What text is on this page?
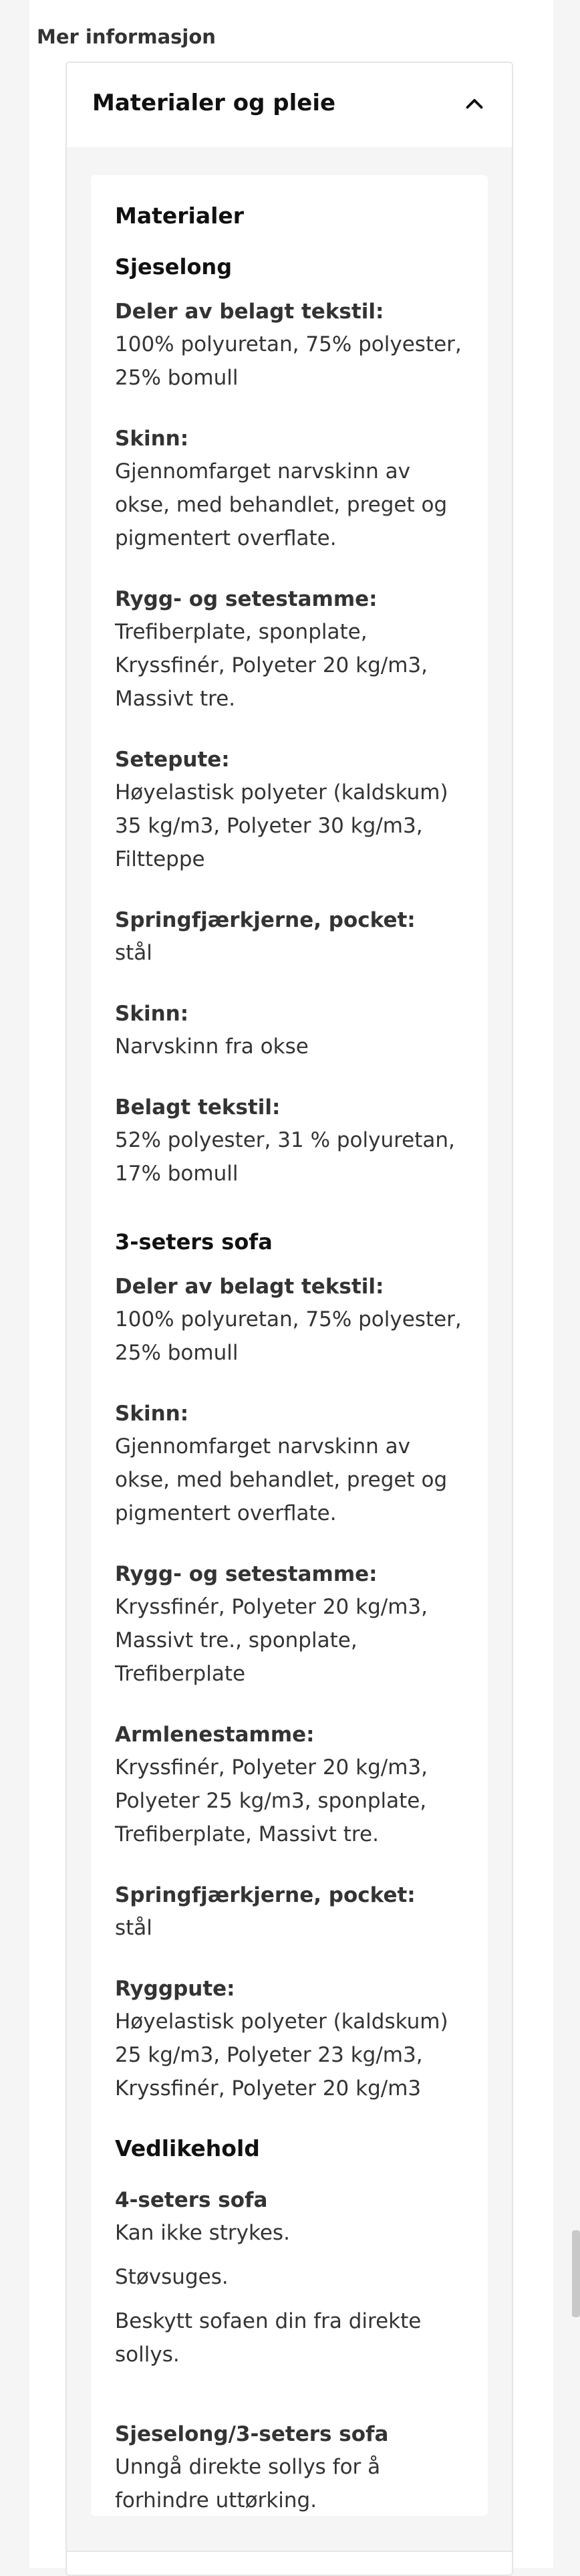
Mer informasjon
Materialer og pleie
Materialer
Sjeselong

Deler av belagt tekstil:

100% polyuretan, 75% polyester, 25% bomull

Skinn:

Gjennomfarget narvskinn av okse, med behandlet, preget og pigmentert overflate.

Rygg- og setestamme:

Trefiberplate, sponplate, Kryssfinér, Polyeter 20 kg/m3, Massivt tre.

Setepute:

Høyelastisk polyeter (kaldskum) 35 kg/m3, Polyeter 30 kg/m3, Filtteppe

Springfjærkjerne, pocket:

stål

Skinn:

Narvskinn fra okse

Belagt tekstil:

52% polyester, 31 % polyuretan, 17% bomull

3-seters sofa

Deler av belagt tekstil:

100% polyuretan, 75% polyester, 25% bomull

Skinn:

Gjennomfarget narvskinn av okse, med behandlet, preget og pigmentert overflate.

Rygg- og setestamme:

Kryssfinér, Polyeter 20 kg/m3, Massivt tre., sponplate, Trefiberplate

Armlenestamme:

Kryssfinér, Polyeter 20 kg/m3, Polyeter 25 kg/m3, sponplate, Trefiberplate, Massivt tre.

Springfjærkjerne, pocket:

stål

Ryggpute:

Høyelastisk polyeter (kaldskum) 25 kg/m3, Polyeter 23 kg/m3, Kryssfinér, Polyeter 20 kg/m3

Vedlikehold

4-seters sofa

Kan ikke strykes.

Støvsuges.

Beskytt sofaen din fra direkte sollys.

Sjeselong/3-seters sofa

Unngå direkte sollys for å forhindre uttørking.
